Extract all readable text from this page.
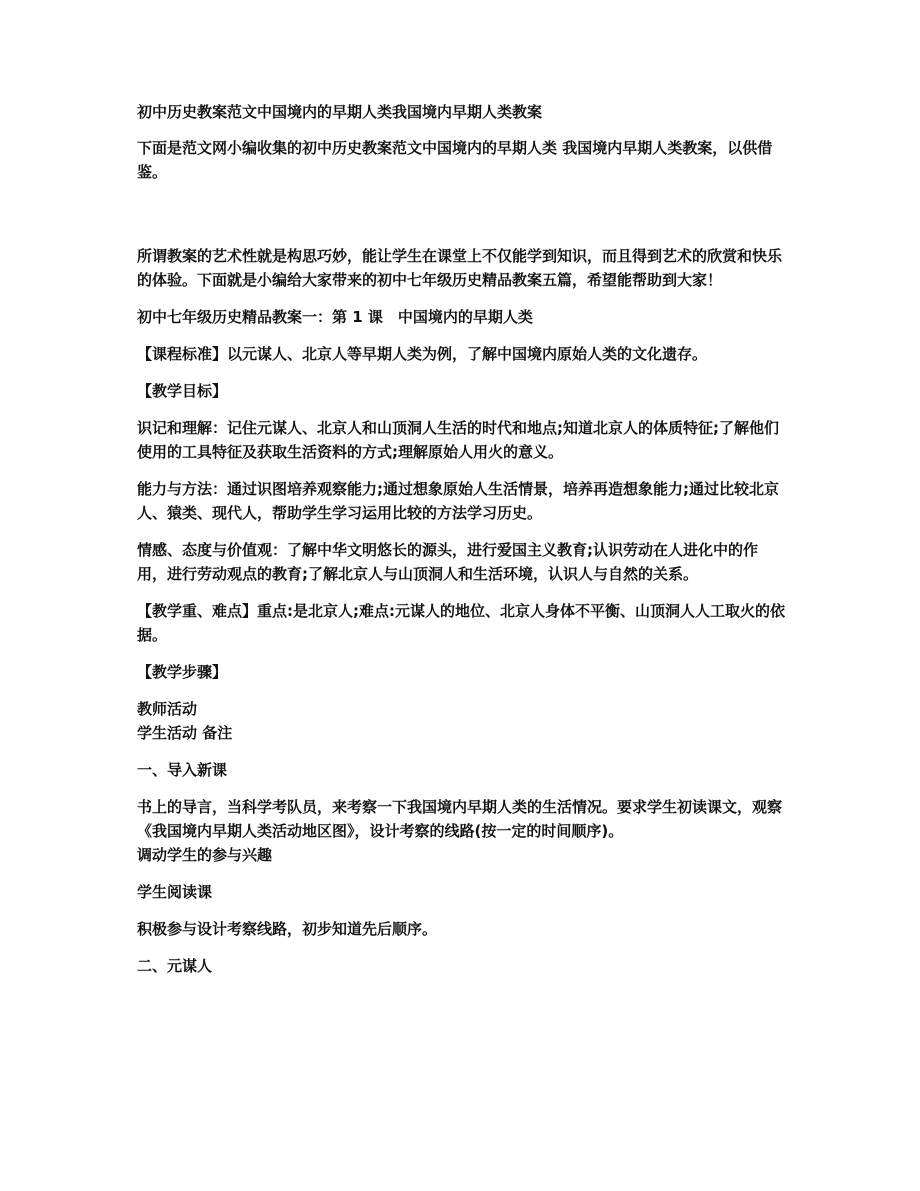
初中历史教案范文中国境内的早期人类我国境内早期人类教案

下面是范文网小编收集的初中历史教案范文中国境内的早期人类 我国境内早期人类教案，以供借鉴。

所谓教案的艺术性就是构思巧妙，能让学生在课堂上不仅能学到知识，而且得到艺术的欣赏和快乐的体验。下面就是小编给大家带来的初中七年级历史精品教案五篇，希望能帮助到大家！

初中七年级历史精品教案一：第 1 课　中国境内的早期人类

【课程标准】以元谋人、北京人等早期人类为例，了解中国境内原始人类的文化遗存。

【教学目标】

识记和理解：记住元谋人、北京人和山顶洞人生活的时代和地点;知道北京人的体质特征;了解他们使用的工具特征及获取生活资料的方式;理解原始人用火的意义。

能力与方法：通过识图培养观察能力;通过想象原始人生活情景，培养再造想象能力;通过比较北京人、猿类、现代人，帮助学生学习运用比较的方法学习历史。

情感、态度与价值观：了解中华文明悠长的源头，进行爱国主义教育;认识劳动在人进化中的作用，进行劳动观点的教育;了解北京人与山顶洞人和生活环境，认识人与自然的关系。

【教学重、难点】重点:是北京人;难点:元谋人的地位、北京人身体不平衡、山顶洞人人工取火的依据。

【教学步骤】

教师活动

学生活动 备注

一、导入新课

书上的导言，当科学考队员，来考察一下我国境内早期人类的生活情况。要求学生初读课文，观察《我国境内早期人类活动地区图》，设计考察的线路(按一定的时间顺序)。

调动学生的参与兴趣

学生阅读课

积极参与设计考察线路，初步知道先后顺序。

二、元谋人
